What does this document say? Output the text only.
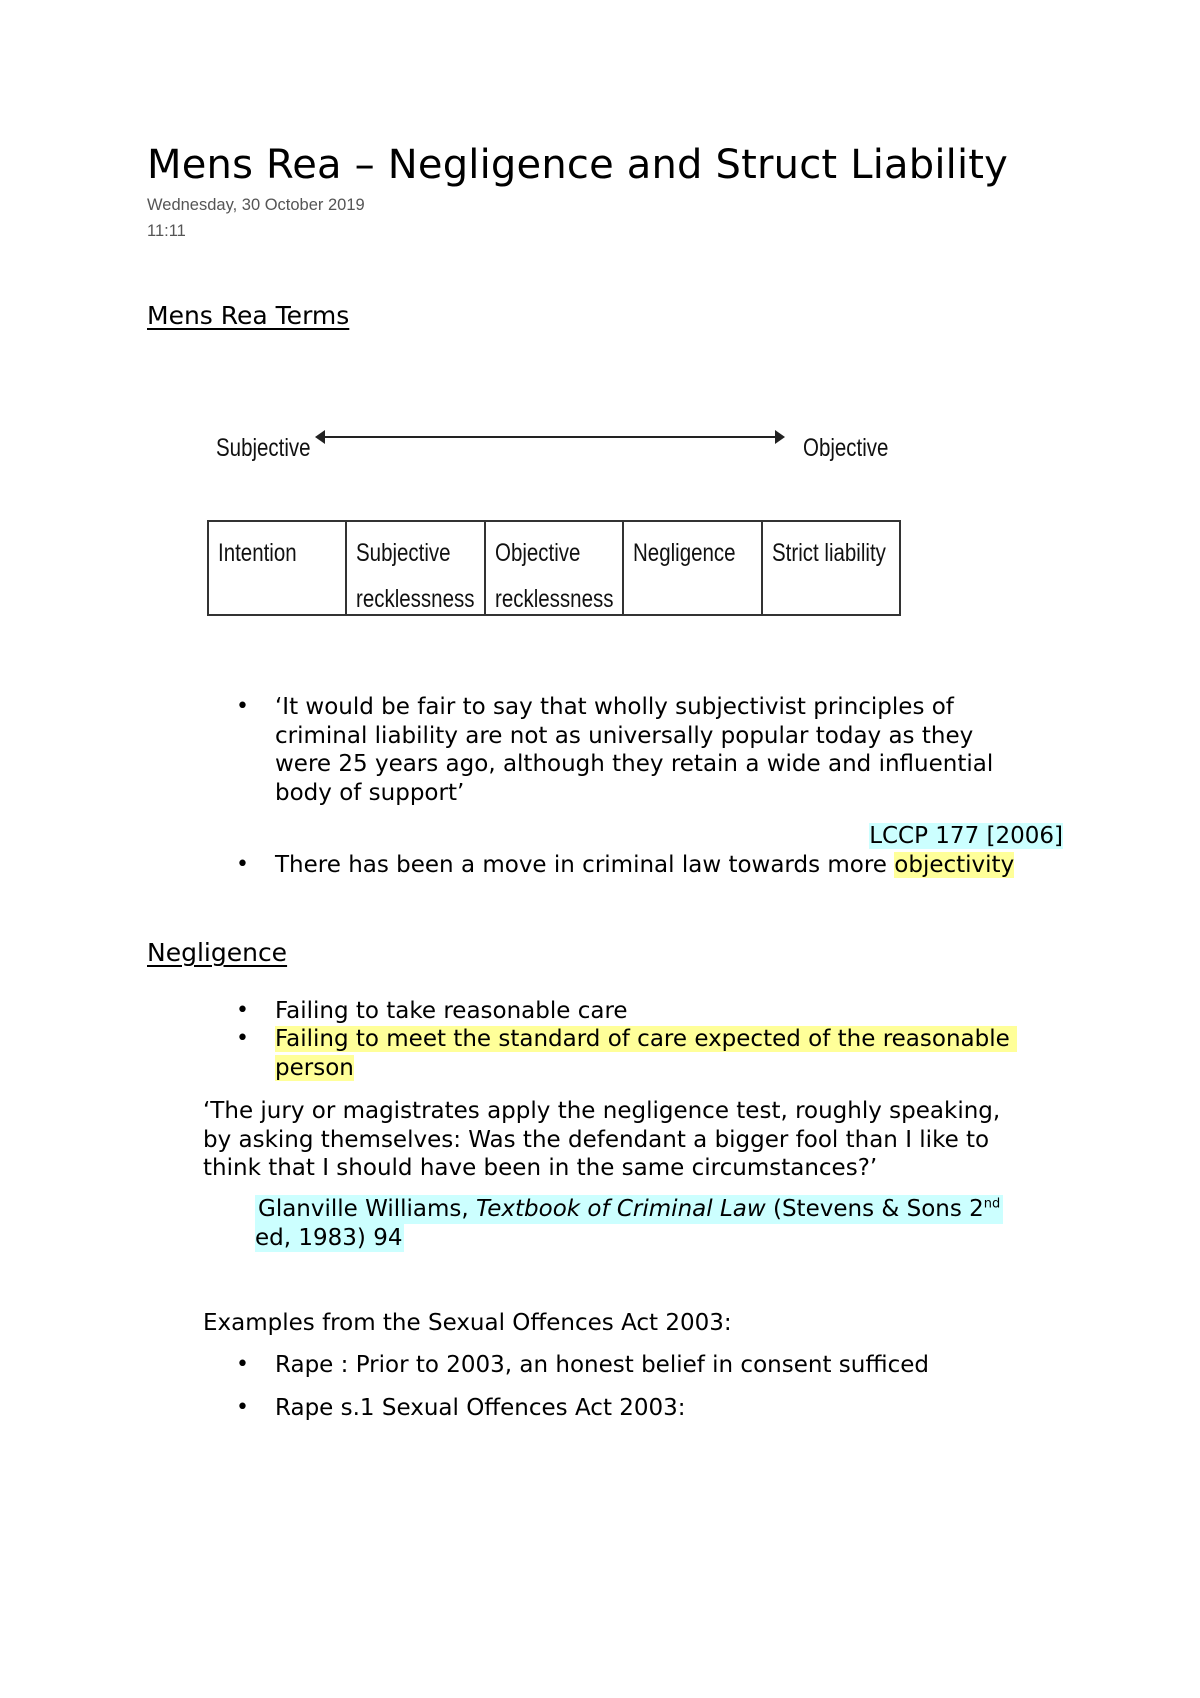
Mens Rea – Negligence and Struct Liability
Wednesday, 30 October 2019
11:11
Mens Rea Terms
Subjective	Objective
Intention Subjective
recklessness
Objective
recklessness
Negligence Strict liability
• ‘It would be fair to say that wholly subjectivist principles of
criminal liability are not as universally popular today as they
were 25 years ago, although they retain a wide and influential
body of support’
LCCP 177 [2006]
• There has been a move in criminal law towards more objectivity
Negligence
• Failing to take reasonable care
• Failing to meet the standard of care expected of the reasonable
person
‘The jury or magistrates apply the negligence test, roughly speaking,
by asking themselves: Was the defendant a bigger fool than I like to
think that I should have been in the same circumstances?’
Glanville Williams, Textbook of Criminal Law (Stevens & Sons 2nd
ed, 1983) 94
Examples from the Sexual Offences Act 2003:
• Rape : Prior to 2003, an honest belief in consent sufficed
• Rape s.1 Sexual Offences Act 2003:
